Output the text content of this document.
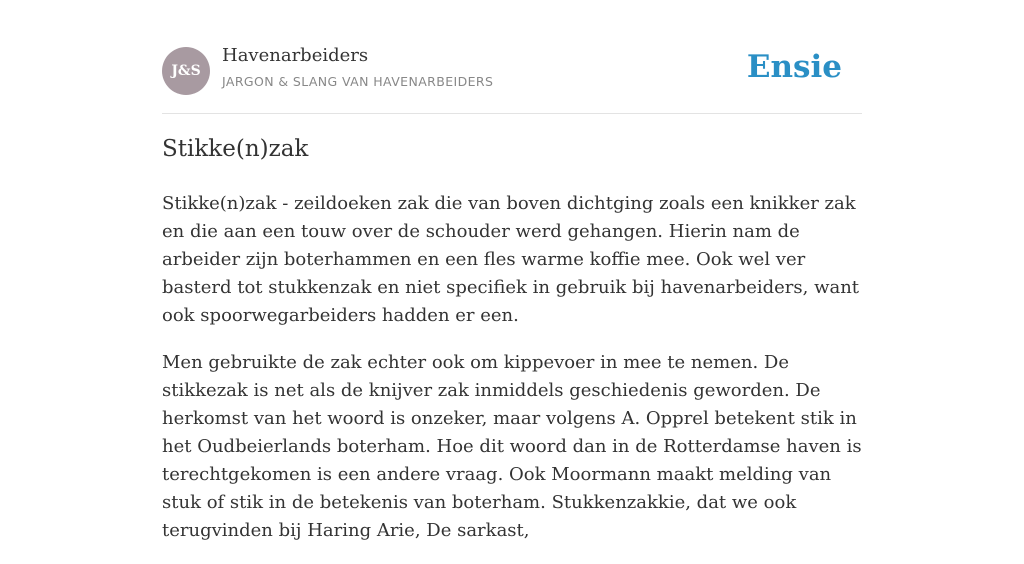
J&S
Havenarbeiders
JARGON & SLANG VAN HAVENARBEIDERS	Ensie
Stikke(n)zak

Stikke(n)zak - zeildoeken zak die van boven dichtging zoals een knikker zak en die aan een touw over de schouder werd gehangen. Hierin nam de arbeider zijn boterhammen en een fles warme koffie mee. Ook wel ver basterd tot stukkenzak en niet specifiek in gebruik bij havenarbeiders, want ook spoorwegarbeiders hadden er een.

Men gebruikte de zak echter ook om kippevoer in mee te nemen. De stikkezak is net als de knijver zak inmiddels geschiedenis geworden. De herkomst van het woord is onzeker, maar volgens A. Opprel betekent stik in het Oudbeierlands boterham. Hoe dit woord dan in de Rotterdamse haven is terechtgekomen is een andere vraag. Ook Moormann maakt melding van stuk of stik in de betekenis van boterham. Stukkenzakkie, dat we ook terugvinden bij Haring Arie, De sarkast,
